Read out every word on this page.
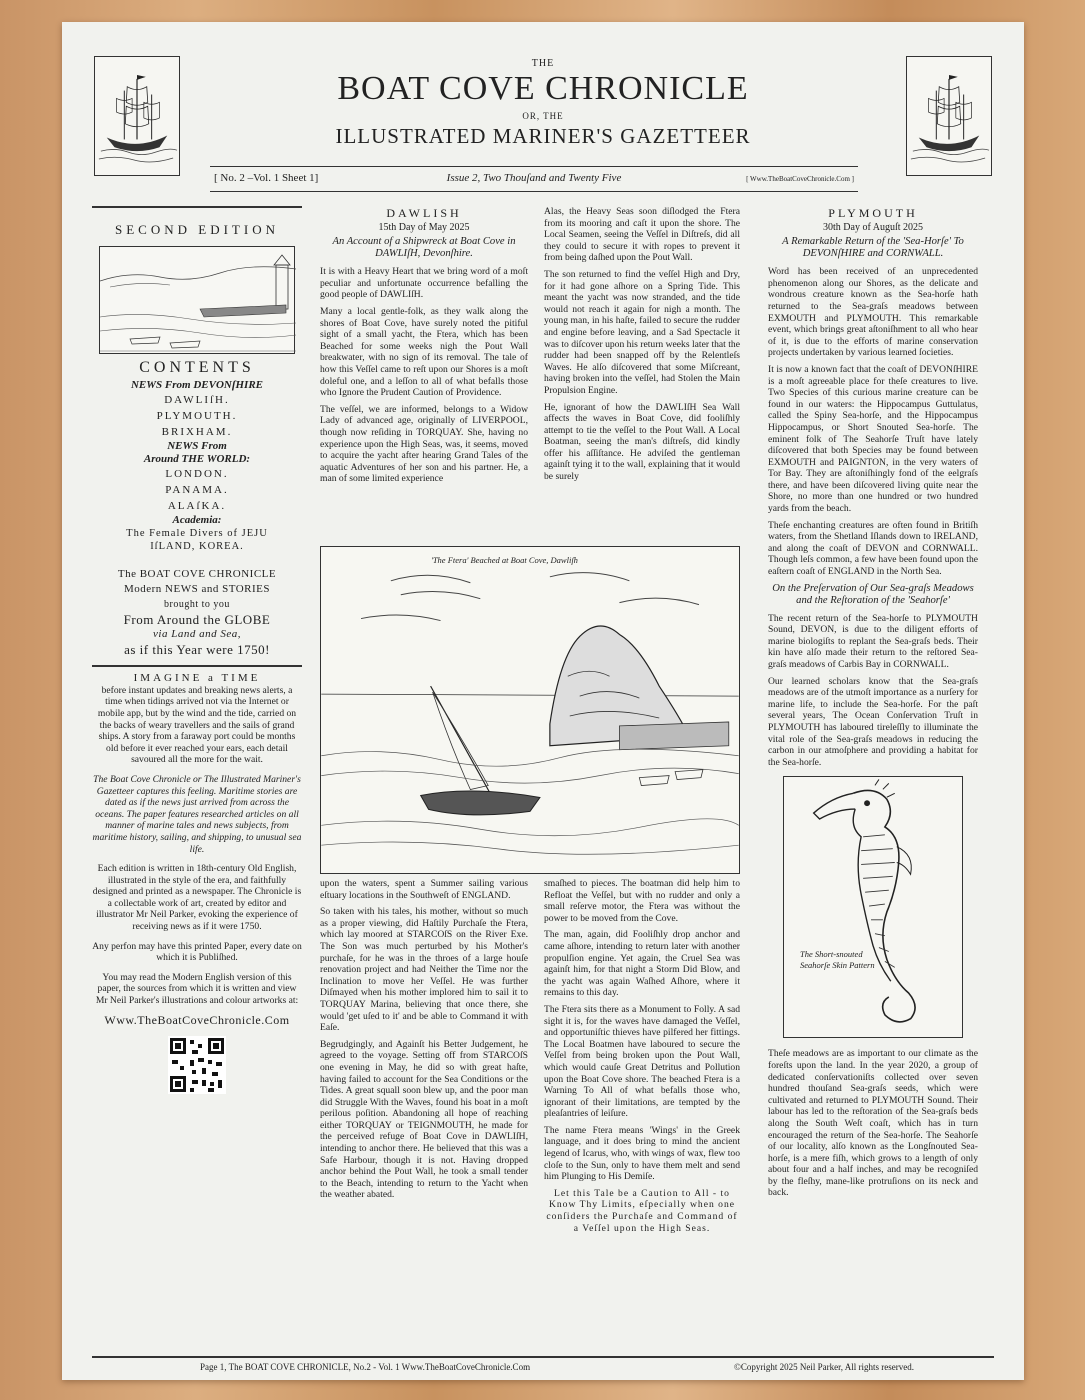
THE
BOAT COVE CHRONICLE
OR, THE
ILLUSTRATED MARINER'S GAZETTEER
[ No. 2 –Vol. 1 Sheet 1]	Issue 2, Two Thouſand and Twenty Five	[ Www.TheBoatCoveChronicle.Com ]
SECOND EDITION
CONTENTS
NEWS From DEVONſHIRE
DAWLIſH.
PLYMOUTH.
BRIXHAM.
NEWS From
Around THE WORLD:
LONDON.
PANAMA.
ALAſKA.
Academia:
The Female Divers of JEJU
IſLAND, KOREA.
The BOAT COVE CHRONICLE
Modern NEWS and STORIES
brought to you
From Around the GLOBE
via Land and Sea,
as if this Year were 1750!
IMAGINE a TIME
before instant updates and breaking news alerts, a time when tidings arrived not via the Internet or mobile app, but by the wind and the tide, carried on the backs of weary travellers and the sails of grand ships. A story from a faraway port could be months old before it ever reached your ears, each detail savoured all the more for the wait.
The Boat Cove Chronicle or The Illustrated Mariner's Gazetteer captures this feeling. Maritime stories are dated as if the news just arrived from across the oceans. The paper features researched articles on all manner of marine tales and news subjects, from maritime history, sailing, and shipping, to unusual sea life.
Each edition is written in 18th-century Old English, illustrated in the style of the era, and faithfully designed and printed as a newspaper. The Chronicle is a collectable work of art, created by editor and illustrator Mr Neil Parker, evoking the experience of receiving news as if it were 1750.
Any perfon may have this printed Paper, every date on which it is Publiſhed.
You may read the Modern English version of this paper, the sources from which it is written and view Mr Neil Parker's illustrations and colour artworks at:
Www.TheBoatCoveChronicle.Com
DAWLISH
15th Day of May 2025
An Account of a Shipwreck at Boat Cove in DAWLIſH, Devonſhire.

It is with a Heavy Heart that we bring word of a moſt peculiar and unfortunate occurrence befalling the good people of DAWLIſH.

Many a local gentle-folk, as they walk along the shores of Boat Cove, have surely noted the pitiful sight of a small yacht, the Ftera, which has been Beached for some weeks nigh the Pout Wall breakwater, with no sign of its removal. The tale of how this Veſſel came to reſt upon our Shores is a moſt doleful one, and a leſſon to all of what befalls those who Ignore the Prudent Caution of Providence.

The veſſel, we are informed, belongs to a Widow Lady of advanced age, originally of LIVERPOOL, though now reſiding in TORQUAY. She, having no experience upon the High Seas, was, it seems, moved to acquire the yacht after hearing Grand Tales of the aquatic Adventures of her son and his partner. He, a man of some limited experience

Alas, the Heavy Seas soon diſlodged the Ftera from its mooring and caſt it upon the shore. The Local Seamen, seeing the Veſſel in Diſtreſs, did all they could to secure it with ropes to prevent it from being daſhed upon the Pout Wall.

The son returned to find the veſſel High and Dry, for it had gone aſhore on a Spring Tide. This meant the yacht was now stranded, and the tide would not reach it again for nigh a month. The young man, in his haſte, failed to secure the rudder and engine before leaving, and a Sad Spectacle it was to diſcover upon his return weeks later that the rudder had been snapped off by the Relentleſs Waves. He alſo diſcovered that some Miſcreant, having broken into the veſſel, had Stolen the Main Propulsion Engine.

He, ignorant of how the DAWLIſH Sea Wall affects the waves in Boat Cove, did fooliſhly attempt to tie the veſſel to the Pout Wall. A Local Boatman, seeing the man's diſtreſs, did kindly offer his aſſiſtance. He adviſed the gentleman againſt tying it to the wall, explaining that it would be surely

'The Ftera' Beached at Boat Cove, Dawliſh

upon the waters, spent a Summer sailing various eſtuary locations in the Southweſt of ENGLAND.

So taken with his tales, his mother, without so much as a proper viewing, did Haſtily Purchaſe the Ftera, which lay moored at STARCOſS on the River Exe. The Son was much perturbed by his Mother's purchaſe, for he was in the throes of a large houſe renovation project and had Neither the Time nor the Inclination to move her Veſſel. He was further Diſmayed when his mother implored him to sail it to TORQUAY Marina, believing that once there, she would 'get uſed to it' and be able to Command it with Eaſe.

Begrudgingly, and Againſt his Better Judgement, he agreed to the voyage. Setting off from STARCOſS one evening in May, he did so with great haſte, having failed to account for the Sea Conditions or the Tides. A great squall soon blew up, and the poor man did Struggle With the Waves, found his boat in a moſt perilous poſition. Abandoning all hope of reaching either TORQUAY or TEIGNMOUTH, he made for the perceived refuge of Boat Cove in DAWLIſH, intending to anchor there. He believed that this was a Safe Harbour, though it is not. Having dropped anchor behind the Pout Wall, he took a small tender to the Beach, intending to return to the Yacht when the weather abated.

smaſhed to pieces. The boatman did help him to Refloat the Veſſel, but with no rudder and only a small reſerve motor, the Ftera was without the power to be moved from the Cove.

The man, again, did Fooliſhly drop anchor and came aſhore, intending to return later with another propulſion engine. Yet again, the Cruel Sea was againſt him, for that night a Storm Did Blow, and the yacht was again Waſhed Aſhore, where it remains to this day.

The Ftera sits there as a Monument to Folly. A sad sight it is, for the waves have damaged the Veſſel, and opportuniſtic thieves have pilfered her fittings. The Local Boatmen have laboured to secure the Veſſel from being broken upon the Pout Wall, which would cauſe Great Detritus and Pollution upon the Boat Cove shore. The beached Ftera is a Warning To All of what befalls those who, ignorant of their limitations, are tempted by the pleaſantries of leiſure.

The name Ftera means 'Wings' in the Greek language, and it does bring to mind the ancient legend of Icarus, who, with wings of wax, flew too cloſe to the Sun, only to have them melt and send him Plunging to His Demiſe.

Let this Tale be a Caution to All - to Know Thy Limits, eſpecially when one conſiders the Purchaſe and Command of a Veſſel upon the High Seas.

PLYMOUTH
30th Day of Auguſt 2025
A Remarkable Return of the 'Sea-Horſe' To DEVONſHIRE and CORNWALL.

Word has been received of an unprecedented phenomenon along our Shores, as the delicate and wondrous creature known as the Sea-horſe hath returned to the Sea-graſs meadows between EXMOUTH and PLYMOUTH. This remarkable event, which brings great aſtoniſhment to all who hear of it, is due to the efforts of marine conservation projects undertaken by various learned ſocieties.

It is now a known fact that the coaſt of DEVONſHIRE is a moſt agreeable place for theſe creatures to live. Two Species of this curious marine creature can be found in our waters: the Hippocampus Guttulatus, called the Spiny Sea-horſe, and the Hippocampus Hippocampus, or Short Snouted Sea-horſe. The eminent folk of The Seahorſe Truſt have lately diſcovered that both Species may be found between EXMOUTH and PAIGNTON, in the very waters of Tor Bay. They are aſtoniſhingly fond of the eelgraſs there, and have been diſcovered living quite near the Shore, no more than one hundred or two hundred yards from the beach.

Theſe enchanting creatures are often found in Britiſh waters, from the Shetland Iſlands down to IRELAND, and along the coaſt of DEVON and CORNWALL. Though leſs common, a few have been found upon the eaſtern coaſt of ENGLAND in the North Sea.

On the Preſervation of Our Sea-graſs Meadows and the Reſtoration of the 'Seahorſe'

The recent return of the Sea-horſe to PLYMOUTH Sound, DEVON, is due to the diligent efforts of marine biologiſts to replant the Sea-graſs beds. Their kin have alſo made their return to the reſtored Sea-graſs meadows of Carbis Bay in CORNWALL.

Our learned scholars know that the Sea-graſs meadows are of the utmoſt importance as a nurſery for marine life, to include the Sea-horſe. For the paſt several years, The Ocean Conſervation Truſt in PLYMOUTH has laboured tireleſſly to illuminate the vital role of the Sea-graſs meadows in reducing the carbon in our atmoſphere and providing a habitat for the Sea-horſe.

The Short-snouted
Seahorſe Skin Pattern

Theſe meadows are as important to our climate as the foreſts upon the land. In the year 2020, a group of dedicated conſervationiſts collected over seven hundred thouſand Sea-graſs seeds, which were cultivated and returned to PLYMOUTH Sound. Their labour has led to the reſtoration of the Sea-graſs beds along the South Weſt coaſt, which has in turn encouraged the return of the Sea-horſe. The Seahorſe of our locality, alſo known as the Longſnouted Sea-horſe, is a mere fiſh, which grows to a length of only about four and a half inches, and may be recogniſed by the fleſhy, mane-like protruſions on its neck and back.

Page 1, The BOAT COVE CHRONICLE, No.2 - Vol. 1 Www.TheBoatCoveChronicle.Com	©Copyright 2025 Neil Parker, All rights reserved.
